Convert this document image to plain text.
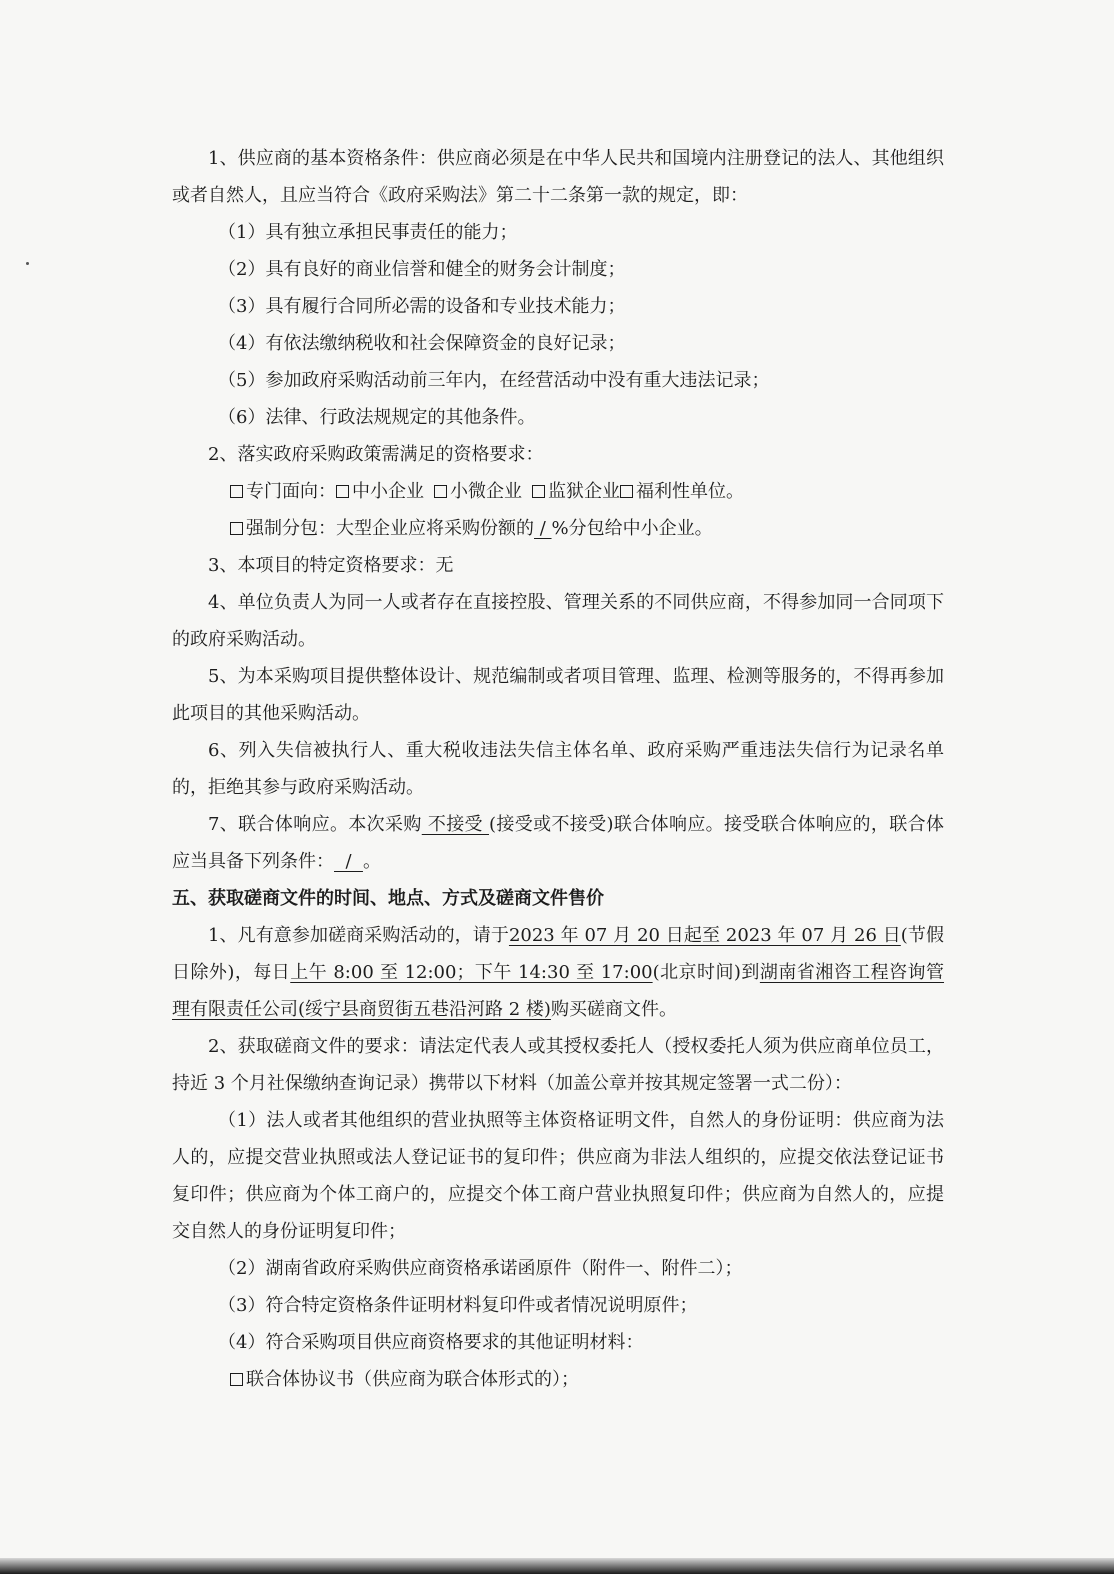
1、供应商的基本资格条件：供应商必须是在中华人民共和国境内注册登记的法人、其他组织或者自然人，且应当符合《政府采购法》第二十二条第一款的规定，即：

（1）具有独立承担民事责任的能力；

（2）具有良好的商业信誉和健全的财务会计制度；

（3）具有履行合同所必需的设备和专业技术能力；

（4）有依法缴纳税收和社会保障资金的良好记录；

（5）参加政府采购活动前三年内，在经营活动中没有重大违法记录；

（6）法律、行政法规规定的其他条件。

2、落实政府采购政策需满足的资格要求：

专门面向： 中小企业 小微企业 监狱企业 福利性单位。

强制分包：大型企业应将采购份额的 / %分包给中小企业。

3、本项目的特定资格要求：无

4、单位负责人为同一人或者存在直接控股、管理关系的不同供应商，不得参加同一合同项下的政府采购活动。

5、为本采购项目提供整体设计、规范编制或者项目管理、监理、检测等服务的，不得再参加此项目的其他采购活动。

6、列入失信被执行人、重大税收违法失信主体名单、政府采购严重违法失信行为记录名单的，拒绝其参与政府采购活动。

7、联合体响应。本次采购 不接受 (接受或不接受)联合体响应。接受联合体响应的，联合体应当具备下列条件：  /  。

五、获取磋商文件的时间、地点、方式及磋商文件售价

1、凡有意参加磋商采购活动的，请于2023 年 07 月 20 日起至 2023 年 07 月 26 日(节假日除外)，每日上午 8:00 至 12:00；下午 14:30 至 17:00(北京时间)到湖南省湘咨工程咨询管理有限责任公司(绥宁县商贸街五巷沿河路 2 楼)购买磋商文件。

2、获取磋商文件的要求：请法定代表人或其授权委托人（授权委托人须为供应商单位员工，持近 3 个月社保缴纳查询记录）携带以下材料（加盖公章并按其规定签署一式二份）：

（1）法人或者其他组织的营业执照等主体资格证明文件，自然人的身份证明：供应商为法人的，应提交营业执照或法人登记证书的复印件；供应商为非法人组织的，应提交依法登记证书复印件；供应商为个体工商户的，应提交个体工商户营业执照复印件；供应商为自然人的，应提交自然人的身份证明复印件；

（2）湖南省政府采购供应商资格承诺函原件（附件一、附件二）；

（3）符合特定资格条件证明材料复印件或者情况说明原件；

（4）符合采购项目供应商资格要求的其他证明材料：

联合体协议书（供应商为联合体形式的）；
